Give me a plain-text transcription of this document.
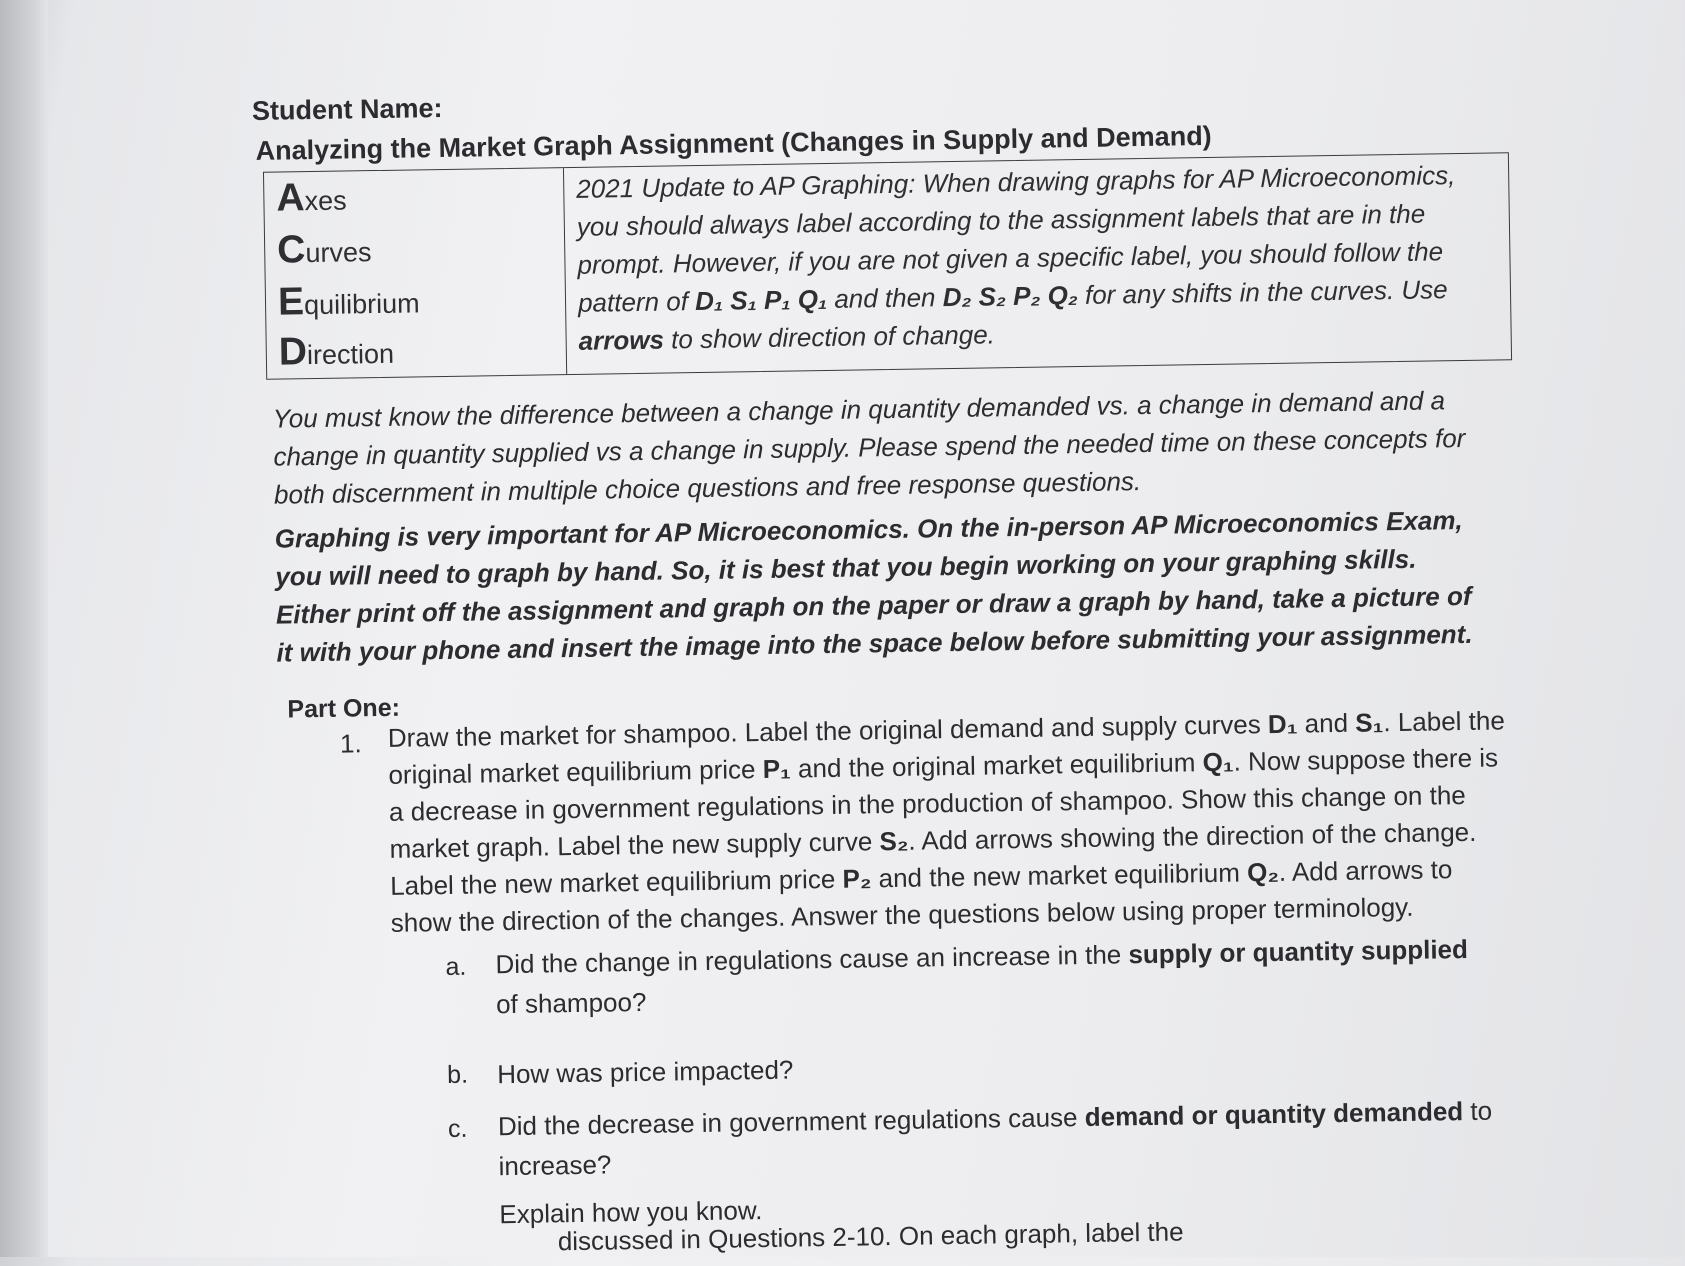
Student Name:
Analyzing the Market Graph Assignment (Changes in Supply and Demand)
Axes
Curves
Equilibrium
Direction
2021 Update to AP Graphing: When drawing graphs for AP Microeconomics, you should always label according to the assignment labels that are in the prompt. However, if you are not given a specific label, you should follow the pattern of D₁ S₁ P₁ Q₁ and then D₂ S₂ P₂ Q₂ for any shifts in the curves. Use arrows to show direction of change.
You must know the difference between a change in quantity demanded vs. a change in demand and a change in quantity supplied vs a change in supply. Please spend the needed time on these concepts for both discernment in multiple choice questions and free response questions.
Graphing is very important for AP Microeconomics. On the in-person AP Microeconomics Exam, you will need to graph by hand. So, it is best that you begin working on your graphing skills. Either print off the assignment and graph on the paper or draw a graph by hand, take a picture of it with your phone and insert the image into the space below before submitting your assignment.
Part One:
1. Draw the market for shampoo. Label the original demand and supply curves D₁ and S₁. Label the original market equilibrium price P₁ and the original market equilibrium Q₁. Now suppose there is a decrease in government regulations in the production of shampoo. Show this change on the market graph. Label the new supply curve S₂. Add arrows showing the direction of the change. Label the new market equilibrium price P₂ and the new market equilibrium Q₂. Add arrows to show the direction of the changes. Answer the questions below using proper terminology.
a. Did the change in regulations cause an increase in the supply or quantity supplied of shampoo?
b. How was price impacted?
c. Did the decrease in government regulations cause demand or quantity demanded to increase?
Explain how you know.
discussed in Questions 2-10. On each graph, label the
